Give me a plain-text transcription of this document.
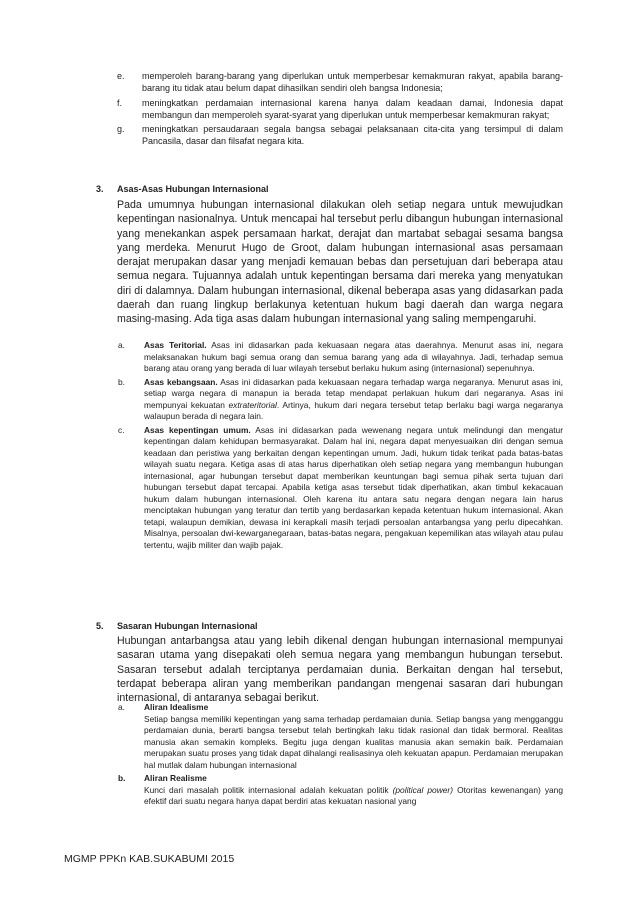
e.	memperoleh barang-barang yang diperlukan untuk memperbesar kemakmuran rakyat, apabila barang-barang itu tidak atau belum dapat dihasilkan sendiri oleh bangsa Indonesia;
f.	meningkatkan perdamaian internasional karena hanya dalam keadaan damai, Indonesia dapat membangun dan memperoleh syarat-syarat yang diperlukan untuk memperbesar kemakmuran rakyat;
g.	meningkatkan persaudaraan segala bangsa sebagai pelaksanaan cita-cita yang tersimpul di dalam Pancasila, dasar dan filsafat negara kita.
3. Asas-Asas Hubungan Internasional
Pada umumnya hubungan internasional dilakukan oleh setiap negara untuk mewujudkan kepentingan nasionalnya. Untuk mencapai hal tersebut perlu dibangun hubungan internasional yang menekankan aspek persamaan harkat, derajat dan martabat sebagai sesama bangsa yang merdeka. Menurut Hugo de Groot, dalam hubungan internasional asas persamaan derajat merupakan dasar yang menjadi kemauan bebas dan persetujuan dari beberapa atau semua negara. Tujuannya adalah untuk kepentingan bersama dari mereka yang menyatukan diri di dalamnya. Dalam hubungan internasional, dikenal beberapa asas yang didasarkan pada daerah dan ruang lingkup berlakunya ketentuan hukum bagi daerah dan warga negara masing-masing. Ada tiga asas dalam hubungan internasional yang saling mempengaruhi.
a.	Asas Teritorial. Asas ini didasarkan pada kekuasaan negara atas daerahnya. Menurut asas ini, negara melaksanakan hukum bagi semua orang dan semua barang yang ada di wilayahnya. Jadi, terhadap semua barang atau orang yang berada di luar wilayah tersebut berlaku hukum asing (internasional) sepenuhnya.
b.	Asas kebangsaan. Asas ini didasarkan pada kekuasaan negara terhadap warga negaranya. Menurut asas ini, setiap warga negara di manapun ia berada tetap mendapat perlakuan hukum dari negaranya. Asas ini mempunyai kekuatan extrateritorial. Artinya, hukum dari negara tersebut tetap berlaku bagi warga negaranya walaupun berada di negara lain.
c.	Asas kepentingan umum. Asas ini didasarkan pada wewenang negara untuk melindungi dan mengatur kepentingan dalam kehidupan bermasyarakat. Dalam hal ini, negara dapat menyesuaikan diri dengan semua keadaan dan peristiwa yang berkaitan dengan kepentingan umum. Jadi, hukum tidak terikat pada batas-batas wilayah suatu negara. Ketiga asas di atas harus diperhatikan oleh setiap negara yang membangun hubungan internasional, agar hubungan tersebut dapat memberikan keuntungan bagi semua pihak serta tujuan dari hubungan tersebut dapat tercapai. Apabila ketiga asas tersebut tidak diperhatikan, akan timbul kekacauan hukum dalam hubungan internasional. Oleh karena itu antara satu negara dengan negara lain harus menciptakan hubungan yang teratur dan tertib yang berdasarkan kepada ketentuan hukum internasional. Akan tetapi, walaupun demikian, dewasa ini kerapkali masih terjadi persoalan antarbangsa yang perlu dipecahkan. Misalnya, persoalan dwi-kewarganegaraan, batas-batas negara, pengakuan kepemilikan atas wilayah atau pulau tertentu, wajib militer dan wajib pajak.
5. Sasaran Hubungan Internasional
Hubungan antarbangsa atau yang lebih dikenal dengan hubungan internasional mempunyai sasaran utama yang disepakati oleh semua negara yang membangun hubungan tersebut. Sasaran tersebut adalah terciptanya perdamaian dunia. Berkaitan dengan hal tersebut, terdapat beberapa aliran yang memberikan pandangan mengenai sasaran dari hubungan internasional, di antaranya sebagai berikut.
a.	Aliran Idealisme
Setiap bangsa memiliki kepentingan yang sama terhadap perdamaian dunia. Setiap bangsa yang mengganggu perdamaian dunia, berarti bangsa tersebut telah bertingkah laku tidak rasional dan tidak bermoral. Realitas manusia akan semakin kompleks. Begitu juga dengan kualitas manusia akan semakin baik. Perdamaian merupakan suatu proses yang tidak dapat dihalangi realisasinya oleh kekuatan apapun. Perdamaian merupakan hal mutlak dalam hubungan internasional
b.	Aliran Realisme
Kunci dari masalah politik internasional adalah kekuatan politik (political power) Otoritas kewenangan) yang efektif dari suatu negara hanya dapat berdiri atas kekuatan nasional yang
MGMP PPKn KAB.SUKABUMI 2015
